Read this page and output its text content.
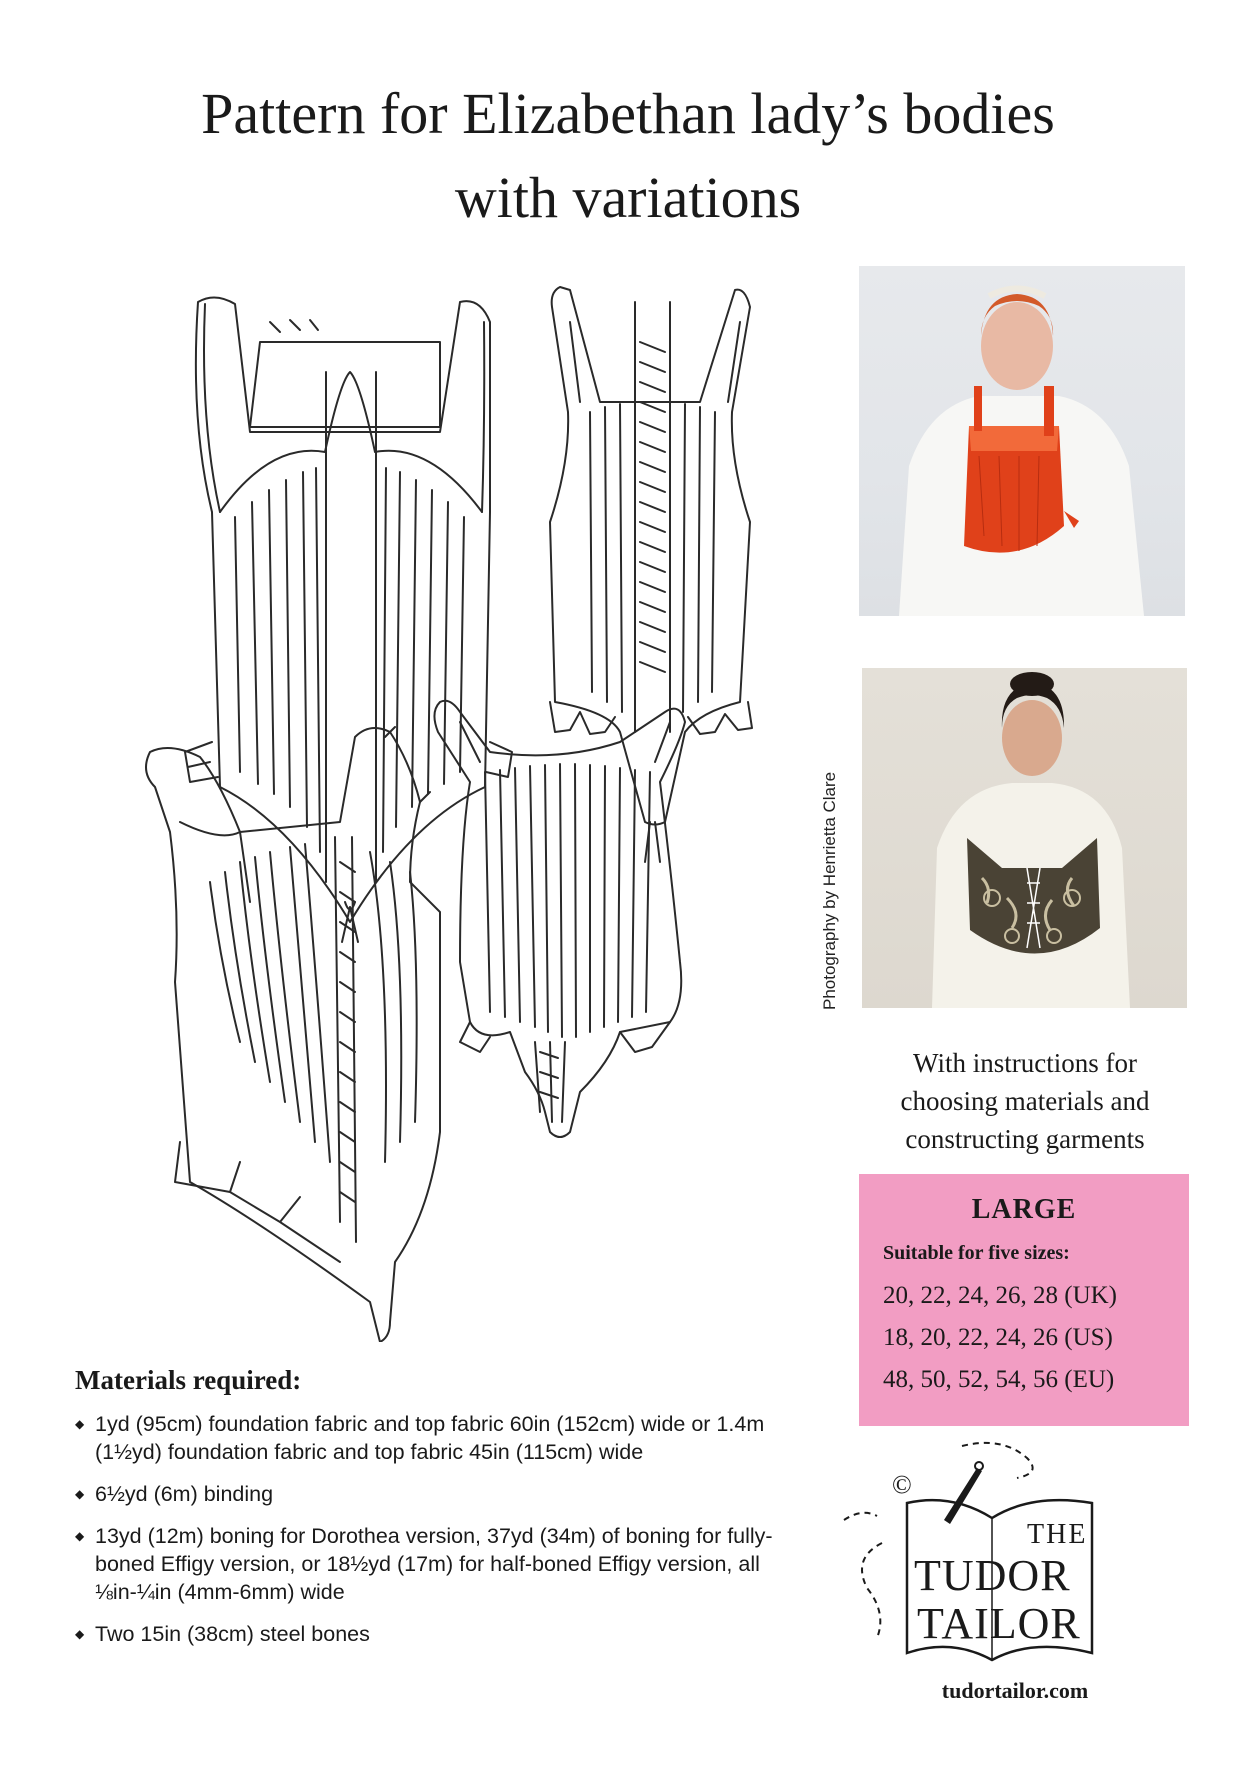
Pattern for Elizabethan lady’s bodies
with variations
Photography by Henrietta Clare
With instructions for
choosing materials and
constructing garments
LARGE
Suitable for five sizes:
20, 22, 24, 26, 28 (UK)
18, 20, 22, 24, 26 (US)
48, 50, 52, 54, 56 (EU)
Materials required:
◆ 1yd (95cm) foundation fabric and top fabric 60in (152cm) wide or 1.4m (1½yd) foundation fabric and top fabric 45in (115cm) wide
◆ 6½yd (6m) binding
◆ 13yd (12m) boning for Dorothea version, 37yd (34m) of boning for fully-boned Effigy version, or 18½yd (17m) for half-boned Effigy version, all ⅛in-¼in (4mm-6mm) wide
◆ Two 15in (38cm) steel bones
©
THE
TUDOR
TAILOR
tudortailor.com
